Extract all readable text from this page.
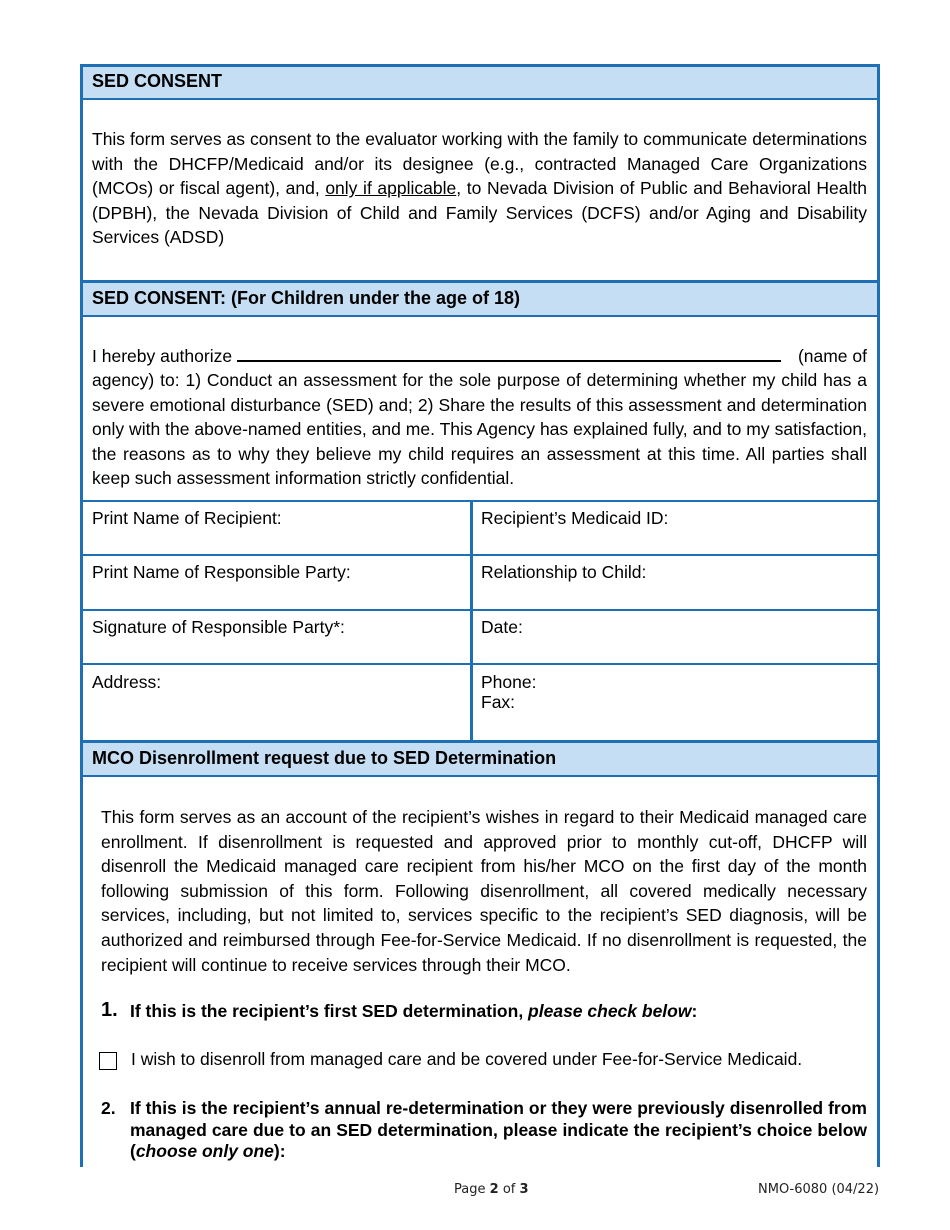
SED CONSENT
This form serves as consent to the evaluator working with the family to communicate determinations with the DHCFP/Medicaid and/or its designee (e.g., contracted Managed Care Organizations (MCOs) or fiscal agent), and, only if applicable, to Nevada Division of Public and Behavioral Health (DPBH), the Nevada Division of Child and Family Services (DCFS) and/or Aging and Disability Services (ADSD)
SED CONSENT: (For Children under the age of 18)
I hereby authorize	(name of
agency) to: 1) Conduct an assessment for the sole purpose of determining whether my child has a severe emotional disturbance (SED) and; 2) Share the results of this assessment and determination only with the above-named entities, and me. This Agency has explained fully, and to my satisfaction, the reasons as to why they believe my child requires an assessment at this time. All parties shall keep such assessment information strictly confidential.
Print Name of Recipient:	Recipient’s Medicaid ID:
Print Name of Responsible Party:	Relationship to Child:
Signature of Responsible Party*:	Date:
Address:	Phone:
Fax:
MCO Disenrollment request due to SED Determination
This form serves as an account of the recipient’s wishes in regard to their Medicaid managed care enrollment. If disenrollment is requested and approved prior to monthly cut-off, DHCFP will disenroll the Medicaid managed care recipient from his/her MCO on the first day of the month following submission of this form. Following disenrollment, all covered medically necessary services, including, but not limited to, services specific to the recipient’s SED diagnosis, will be authorized and reimbursed through Fee-for-Service Medicaid. If no disenrollment is requested, the recipient will continue to receive services through their MCO.
1. If this is the recipient’s first SED determination, please check below:
I wish to disenroll from managed care and be covered under Fee-for-Service Medicaid.
2. If this is the recipient’s annual re-determination or they were previously disenrolled from managed care due to an SED determination, please indicate the recipient’s choice below (choose only one):
Page 2 of 3	NMO-6080 (04/22)
